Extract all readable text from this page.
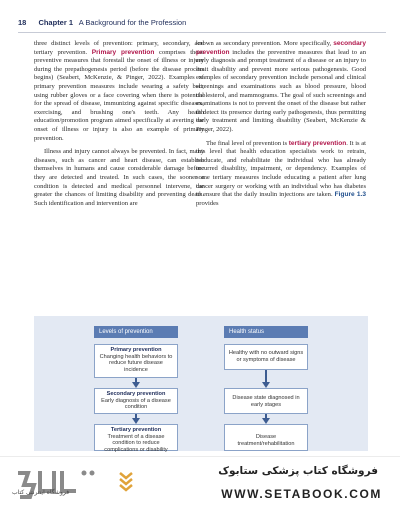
18 Chapter 1 A Background for the Profession

three distinct levels of prevention: primary, secondary, and tertiary prevention. Primary prevention comprises those preventive measures that forestall the onset of illness or injury during the prepathogenesis period (before the disease process begins) (Seabert, McKenzie, & Pinger, 2022). Examples of primary prevention measures include wearing a safety belt, using rubber gloves or a face covering when there is potential for the spread of disease, immunizing against specific diseases, exercising, and brushing one's teeth. Any health education/promotion program aimed specifically at averting the onset of illness or injury is also an example of primary prevention.

Illness and injury cannot always be prevented. In fact, many diseases, such as cancer and heart disease, can establish themselves in humans and cause considerable damage before they are detected and treated. In such cases, the sooner a condition is detected and medical personnel intervene, the greater the chances of limiting disability and preventing death. Such identification and intervention are

known as secondary prevention. More specifically, secondary prevention includes the preventive measures that lead to an early diagnosis and prompt treatment of a disease or an injury to limit disability and prevent more serious pathogenesis. Good examples of secondary prevention include personal and clinical screenings and examinations such as blood pressure, blood cholesterol, and mammograms. The goal of such screenings and examinations is not to prevent the onset of the disease but rather to detect its presence during early pathogenesis, thus permitting early treatment and limiting disability (Seabert, McKenzie & Pinger, 2022).

The final level of prevention is tertiary prevention. It is at this level that health education specialists work to retrain, reeducate, and rehabilitate the individual who has already incurred disability, impairment, or dependency. Examples of some tertiary measures include educating a patient after lung cancer surgery or working with an individual who has diabetes to ensure that the daily insulin injections are taken. Figure 1.3 provides

Levels of prevention	Health status
Primary prevention
Changing health behaviors to reduce future disease incidence
Secondary prevention
Early diagnosis of a disease condition
Tertiary prevention
Treatment of a disease condition to reduce complications or disability
Healthy with no outward signs or symptoms of disease
Disease state diagnosed in early stages
Disease treatment/rehabilitation
فروشگاه اینترنتی کتاب
فروشگاه کتاب پزشکی ستابوک
WWW.SETABOOK.COM
